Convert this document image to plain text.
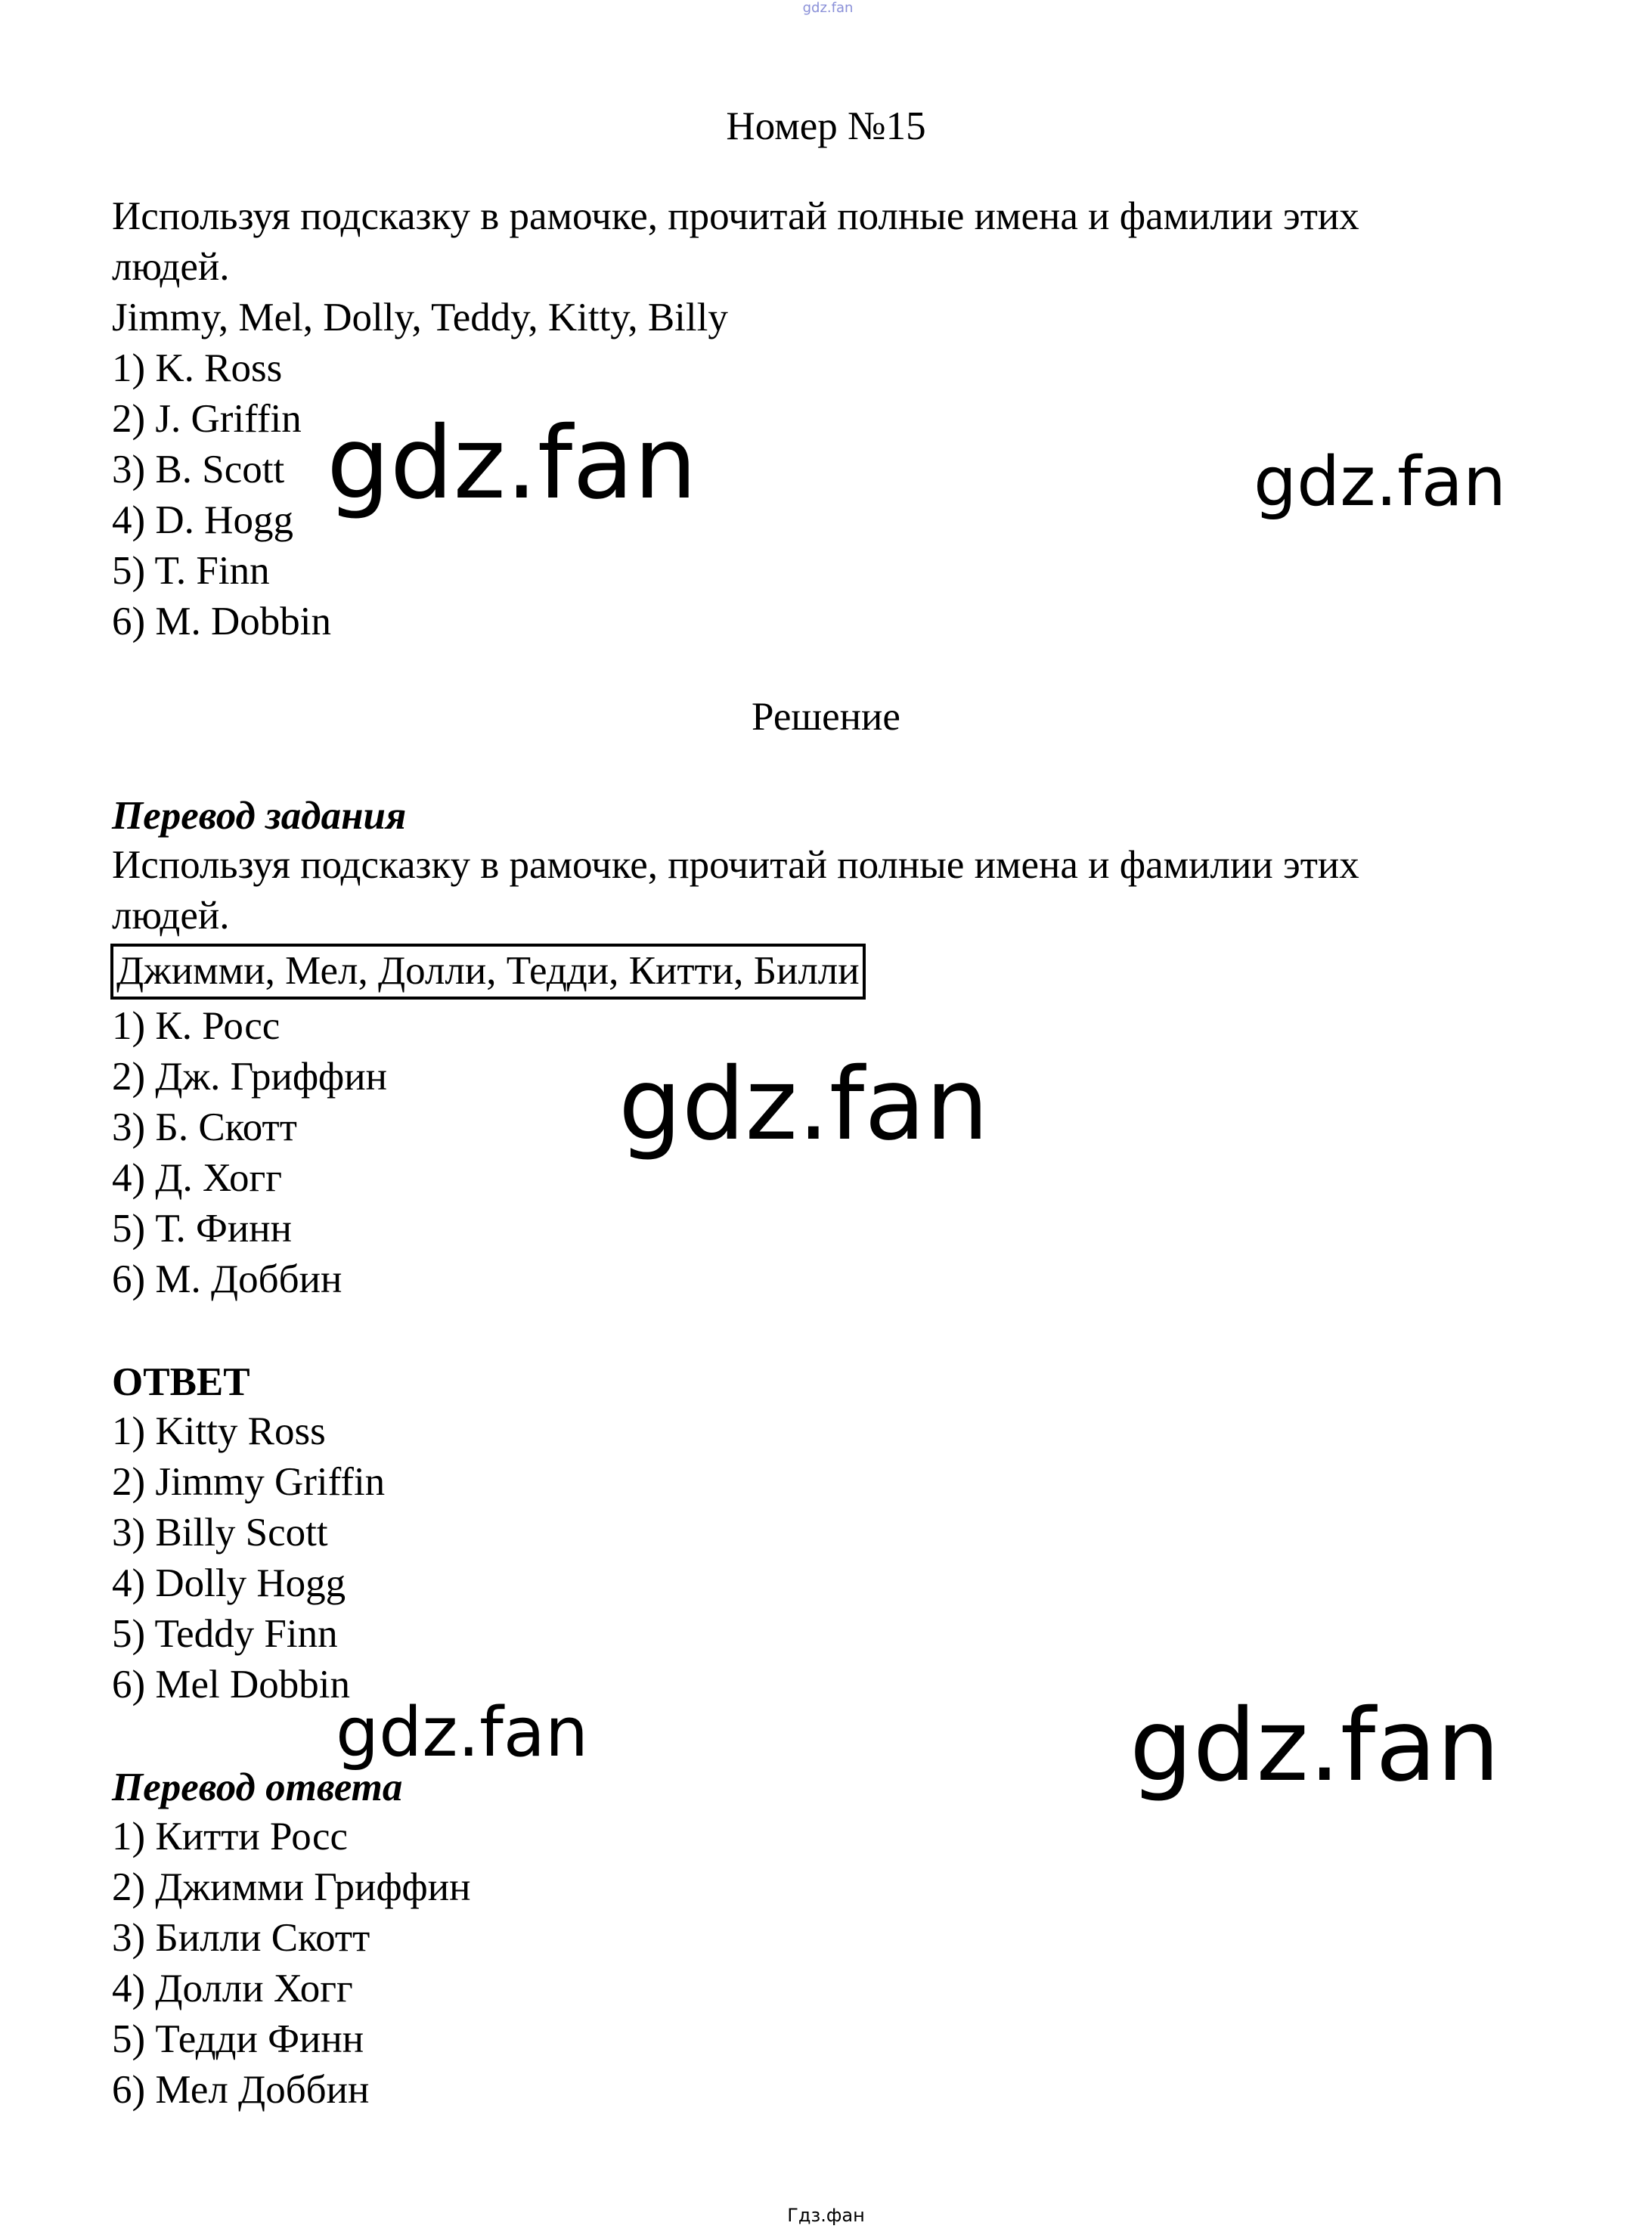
gdz.fan
Номер №15
Используя подсказку в рамочке, прочитай полные имена и фамилии этих
людей.
Jimmy, Mel, Dolly, Teddy, Kitty, Billy
1) K. Ross
2) J. Griffin
3) B. Scott
4) D. Hogg
5) T. Finn
6) M. Dobbin
Решение
Перевод задания
Используя подсказку в рамочке, прочитай полные имена и фамилии этих
людей.
Джимми, Мел, Долли, Тедди, Китти, Билли
1) К. Росс
2) Дж. Гриффин
3) Б. Скотт
4) Д. Хогг
5) Т. Финн
6) М. Доббин
ОТВЕТ
1) Kitty Ross
2) Jimmy Griffin
3) Billy Scott
4) Dolly Hogg
5) Teddy Finn
6) Mel Dobbin
Перевод ответа
1) Китти Росс
2) Джимми Гриффин
3) Билли Скотт
4) Долли Хогг
5) Тедди Финн
6) Мел Доббин
gdz.fan	gdz.fan
gdz.fan
gdz.fan	gdz.fan
Гдз.фан
